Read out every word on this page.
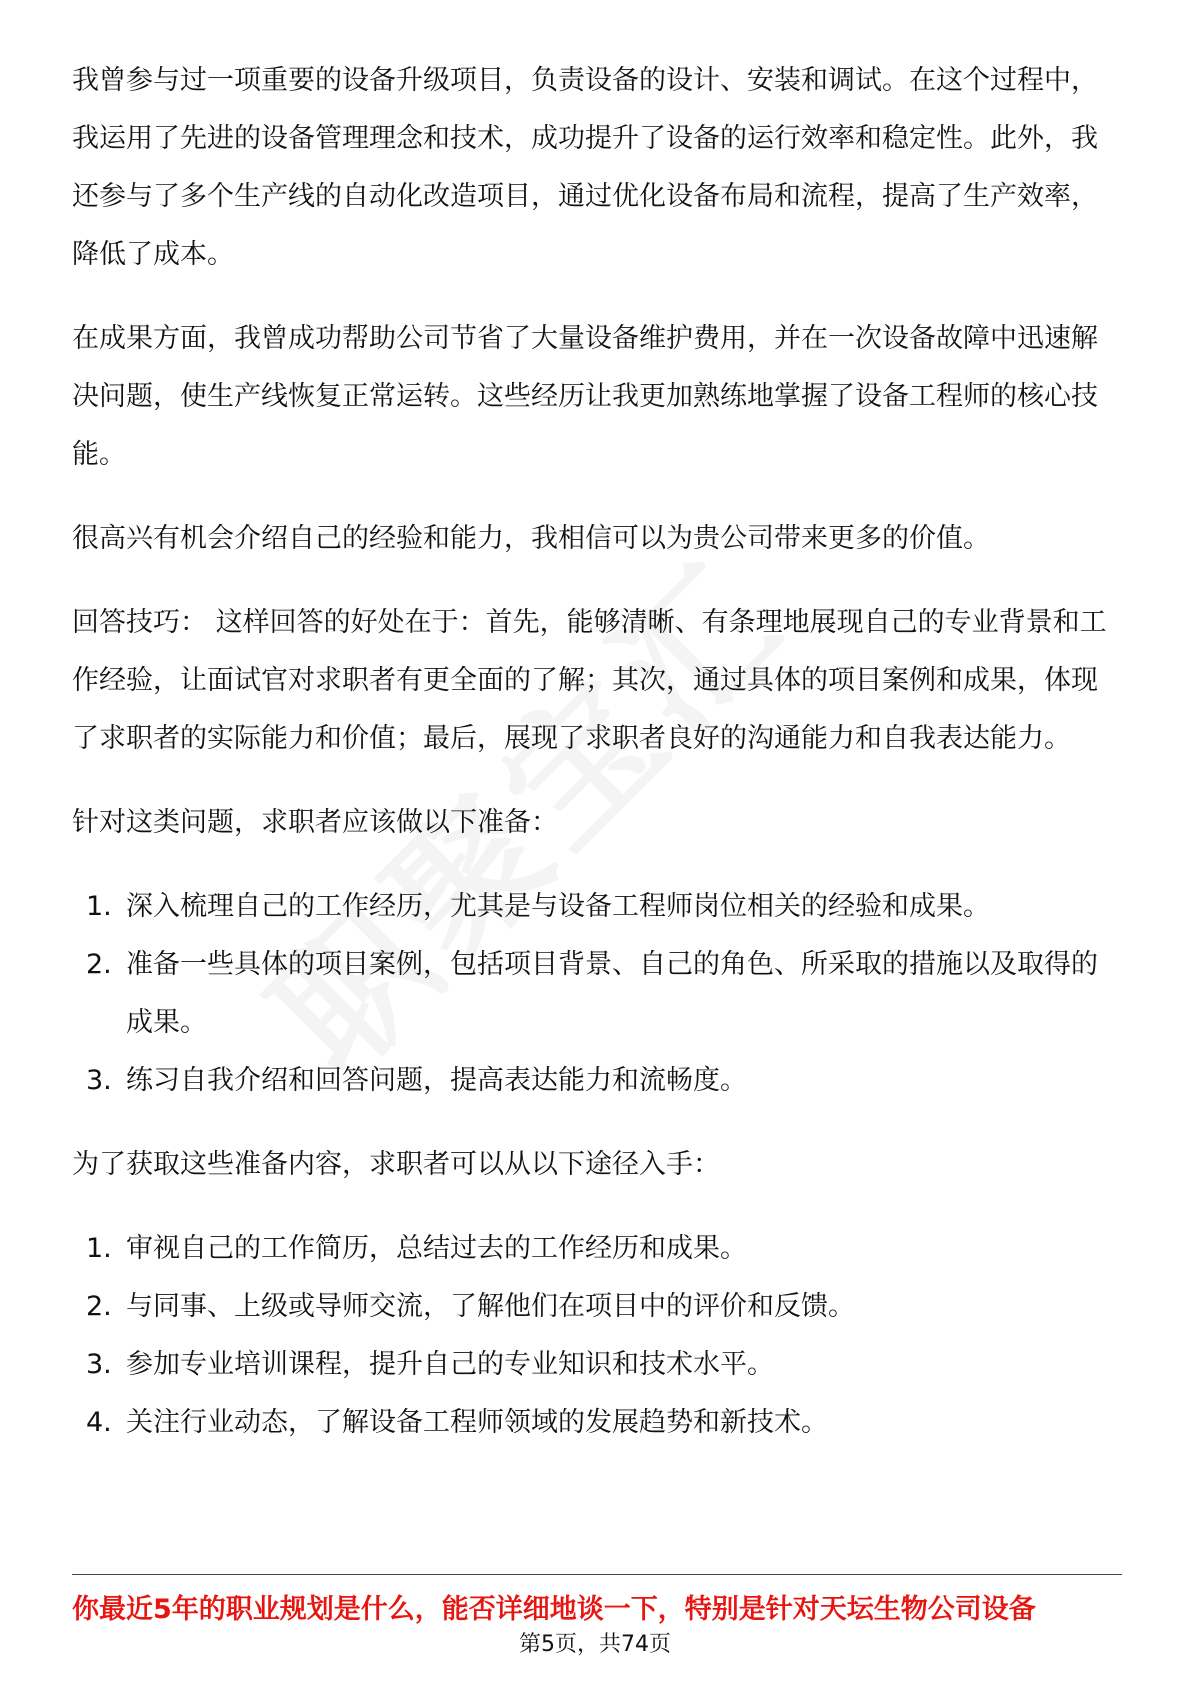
我曾参与过一项重要的设备升级项目，负责设备的设计、安装和调试。在这个过程中，我运用了先进的设备管理理念和技术，成功提升了设备的运行效率和稳定性。此外，我还参与了多个生产线的自动化改造项目，通过优化设备布局和流程，提高了生产效率，降低了成本。

在成果方面，我曾成功帮助公司节省了大量设备维护费用，并在一次设备故障中迅速解决问题，使生产线恢复正常运转。这些经历让我更加熟练地掌握了设备工程师的核心技能。

很高兴有机会介绍自己的经验和能力，我相信可以为贵公司带来更多的价值。

回答技巧： 这样回答的好处在于：首先，能够清晰、有条理地展现自己的专业背景和工作经验，让面试官对求职者有更全面的了解；其次，通过具体的项目案例和成果，体现了求职者的实际能力和价值；最后，展现了求职者良好的沟通能力和自我表达能力。

针对这类问题，求职者应该做以下准备：

1. 深入梳理自己的工作经历，尤其是与设备工程师岗位相关的经验和成果。
2. 准备一些具体的项目案例，包括项目背景、自己的角色、所采取的措施以及取得的成果。
3. 练习自我介绍和回答问题，提高表达能力和流畅度。

为了获取这些准备内容，求职者可以从以下途径入手：

1. 审视自己的工作简历，总结过去的工作经历和成果。
2. 与同事、上级或导师交流，了解他们在项目中的评价和反馈。
3. 参加专业培训课程，提升自己的专业知识和技术水平。
4. 关注行业动态，了解设备工程师领域的发展趋势和新技术。
你最近5年的职业规划是什么，能否详细地谈一下，特别是针对天坛生物公司设备
第5页，共74页
